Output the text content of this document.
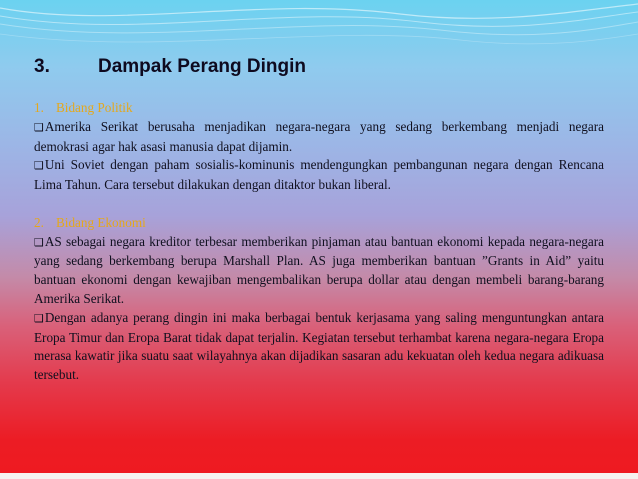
3.	Dampak Perang Dingin
1. Bidang Politik
❑Amerika Serikat berusaha menjadikan negara-negara yang sedang berkembang menjadi negara demokrasi agar hak asasi manusia dapat dijamin.
❑Uni Soviet dengan paham sosialis-kominunis mendengungkan pembangunan negara dengan Rencana Lima Tahun. Cara tersebut dilakukan dengan ditaktor bukan liberal.
2. Bidang Ekonomi
❑AS sebagai negara kreditor terbesar memberikan pinjaman atau bantuan ekonomi kepada negara-negara yang sedang berkembang berupa Marshall Plan. AS juga memberikan bantuan ”Grants in Aid” yaitu bantuan ekonomi dengan kewajiban mengembalikan berupa dollar atau dengan membeli barang-barang Amerika Serikat.
❑Dengan adanya perang dingin ini maka berbagai bentuk kerjasama yang saling menguntungkan antara Eropa Timur dan Eropa Barat tidak dapat terjalin. Kegiatan tersebut terhambat karena negara-negara Eropa merasa kawatir jika suatu saat wilayahnya akan dijadikan sasaran adu kekuatan oleh kedua negara adikuasa tersebut.
